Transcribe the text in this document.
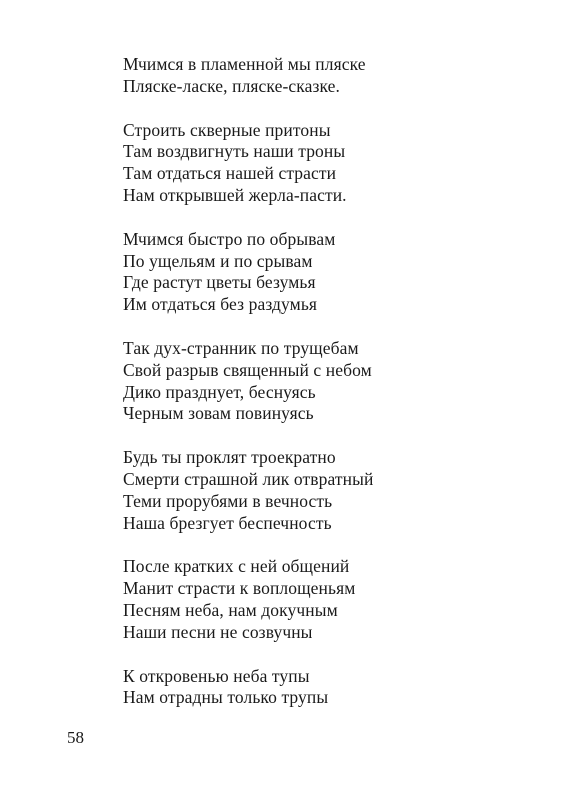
Мчимся в пламенной мы пляске
Пляске-ласке, пляске-сказке.
Строить скверные притоны
Там воздвигнуть наши троны
Там отдаться нашей страсти
Нам открывшей жерла-пасти.
Мчимся быстро по обрывам
По ущельям и по срывам
Где растут цветы безумья
Им отдаться без раздумья
Так дух-странник по трущебам
Свой разрыв священный с небом
Дико празднует, беснуясь
Черным зовам повинуясь
Будь ты проклят троекратно
Смерти страшной лик отвратный
Теми прорубями в вечность
Наша брезгует беспечность
После кратких с ней общений
Манит страсти к воплощеньям
Песням неба, нам докучным
Наши песни не созвучны
К откровенью неба тупы
Нам отрадны только трупы
58
